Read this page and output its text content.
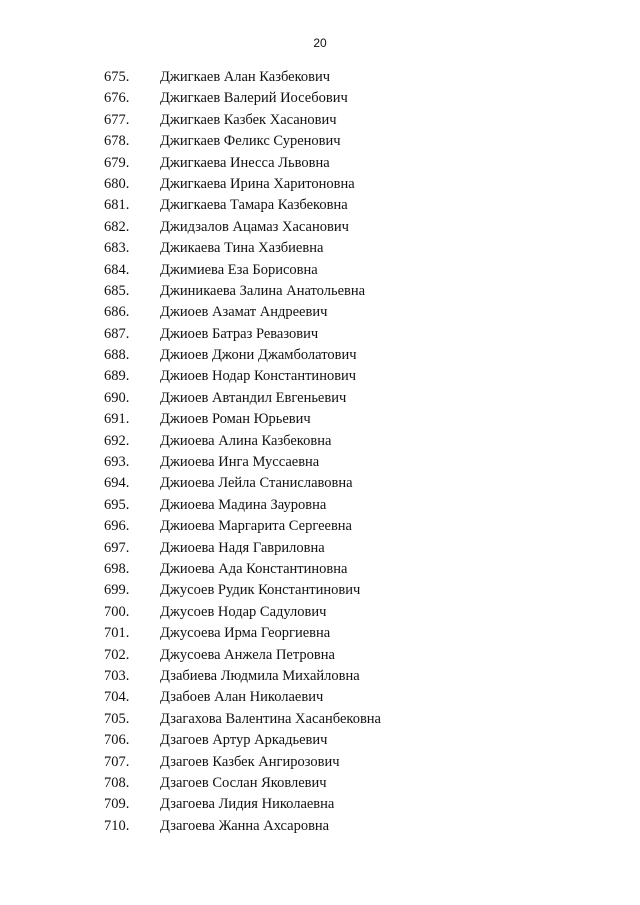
20
675.	Джигкаев Алан Казбекович
676.	Джигкаев Валерий Иосебович
677.	Джигкаев Казбек Хасанович
678.	Джигкаев Феликс Суренович
679.	Джигкаева Инесса Львовна
680.	Джигкаева Ирина Харитоновна
681.	Джигкаева Тамара Казбековна
682.	Джидзалов Ацамаз Хасанович
683.	Джикаева Тина Хазбиевна
684.	Джимиева Еза Борисовна
685.	Джиникаева Залина Анатольевна
686.	Джиоев Азамат Андреевич
687.	Джиоев Батраз Ревазович
688.	Джиоев Джони Джамболатович
689.	Джиоев Нодар Константинович
690.	Джиоев Автандил Евгеньевич
691.	Джиоев Роман Юрьевич
692.	Джиоева Алина Казбековна
693.	Джиоева Инга Муссаевна
694.	Джиоева Лейла Станиславовна
695.	Джиоева Мадина Зауровна
696.	Джиоева Маргарита Сергеевна
697.	Джиоева Надя Гавриловна
698.	Джиоева Ада Константиновна
699.	Джусоев Рудик Константинович
700.	Джусоев Нодар Садулович
701.	Джусоева Ирма Георгиевна
702.	Джусоева Анжела Петровна
703.	Дзабиева Людмила Михайловна
704.	Дзабоев Алан Николаевич
705.	Дзагахова Валентина Хасанбековна
706.	Дзагоев Артур Аркадьевич
707.	Дзагоев Казбек Ангирозович
708.	Дзагоев Сослан Яковлевич
709.	Дзагоева Лидия Николаевна
710.	Дзагоева Жанна Ахсаровна
